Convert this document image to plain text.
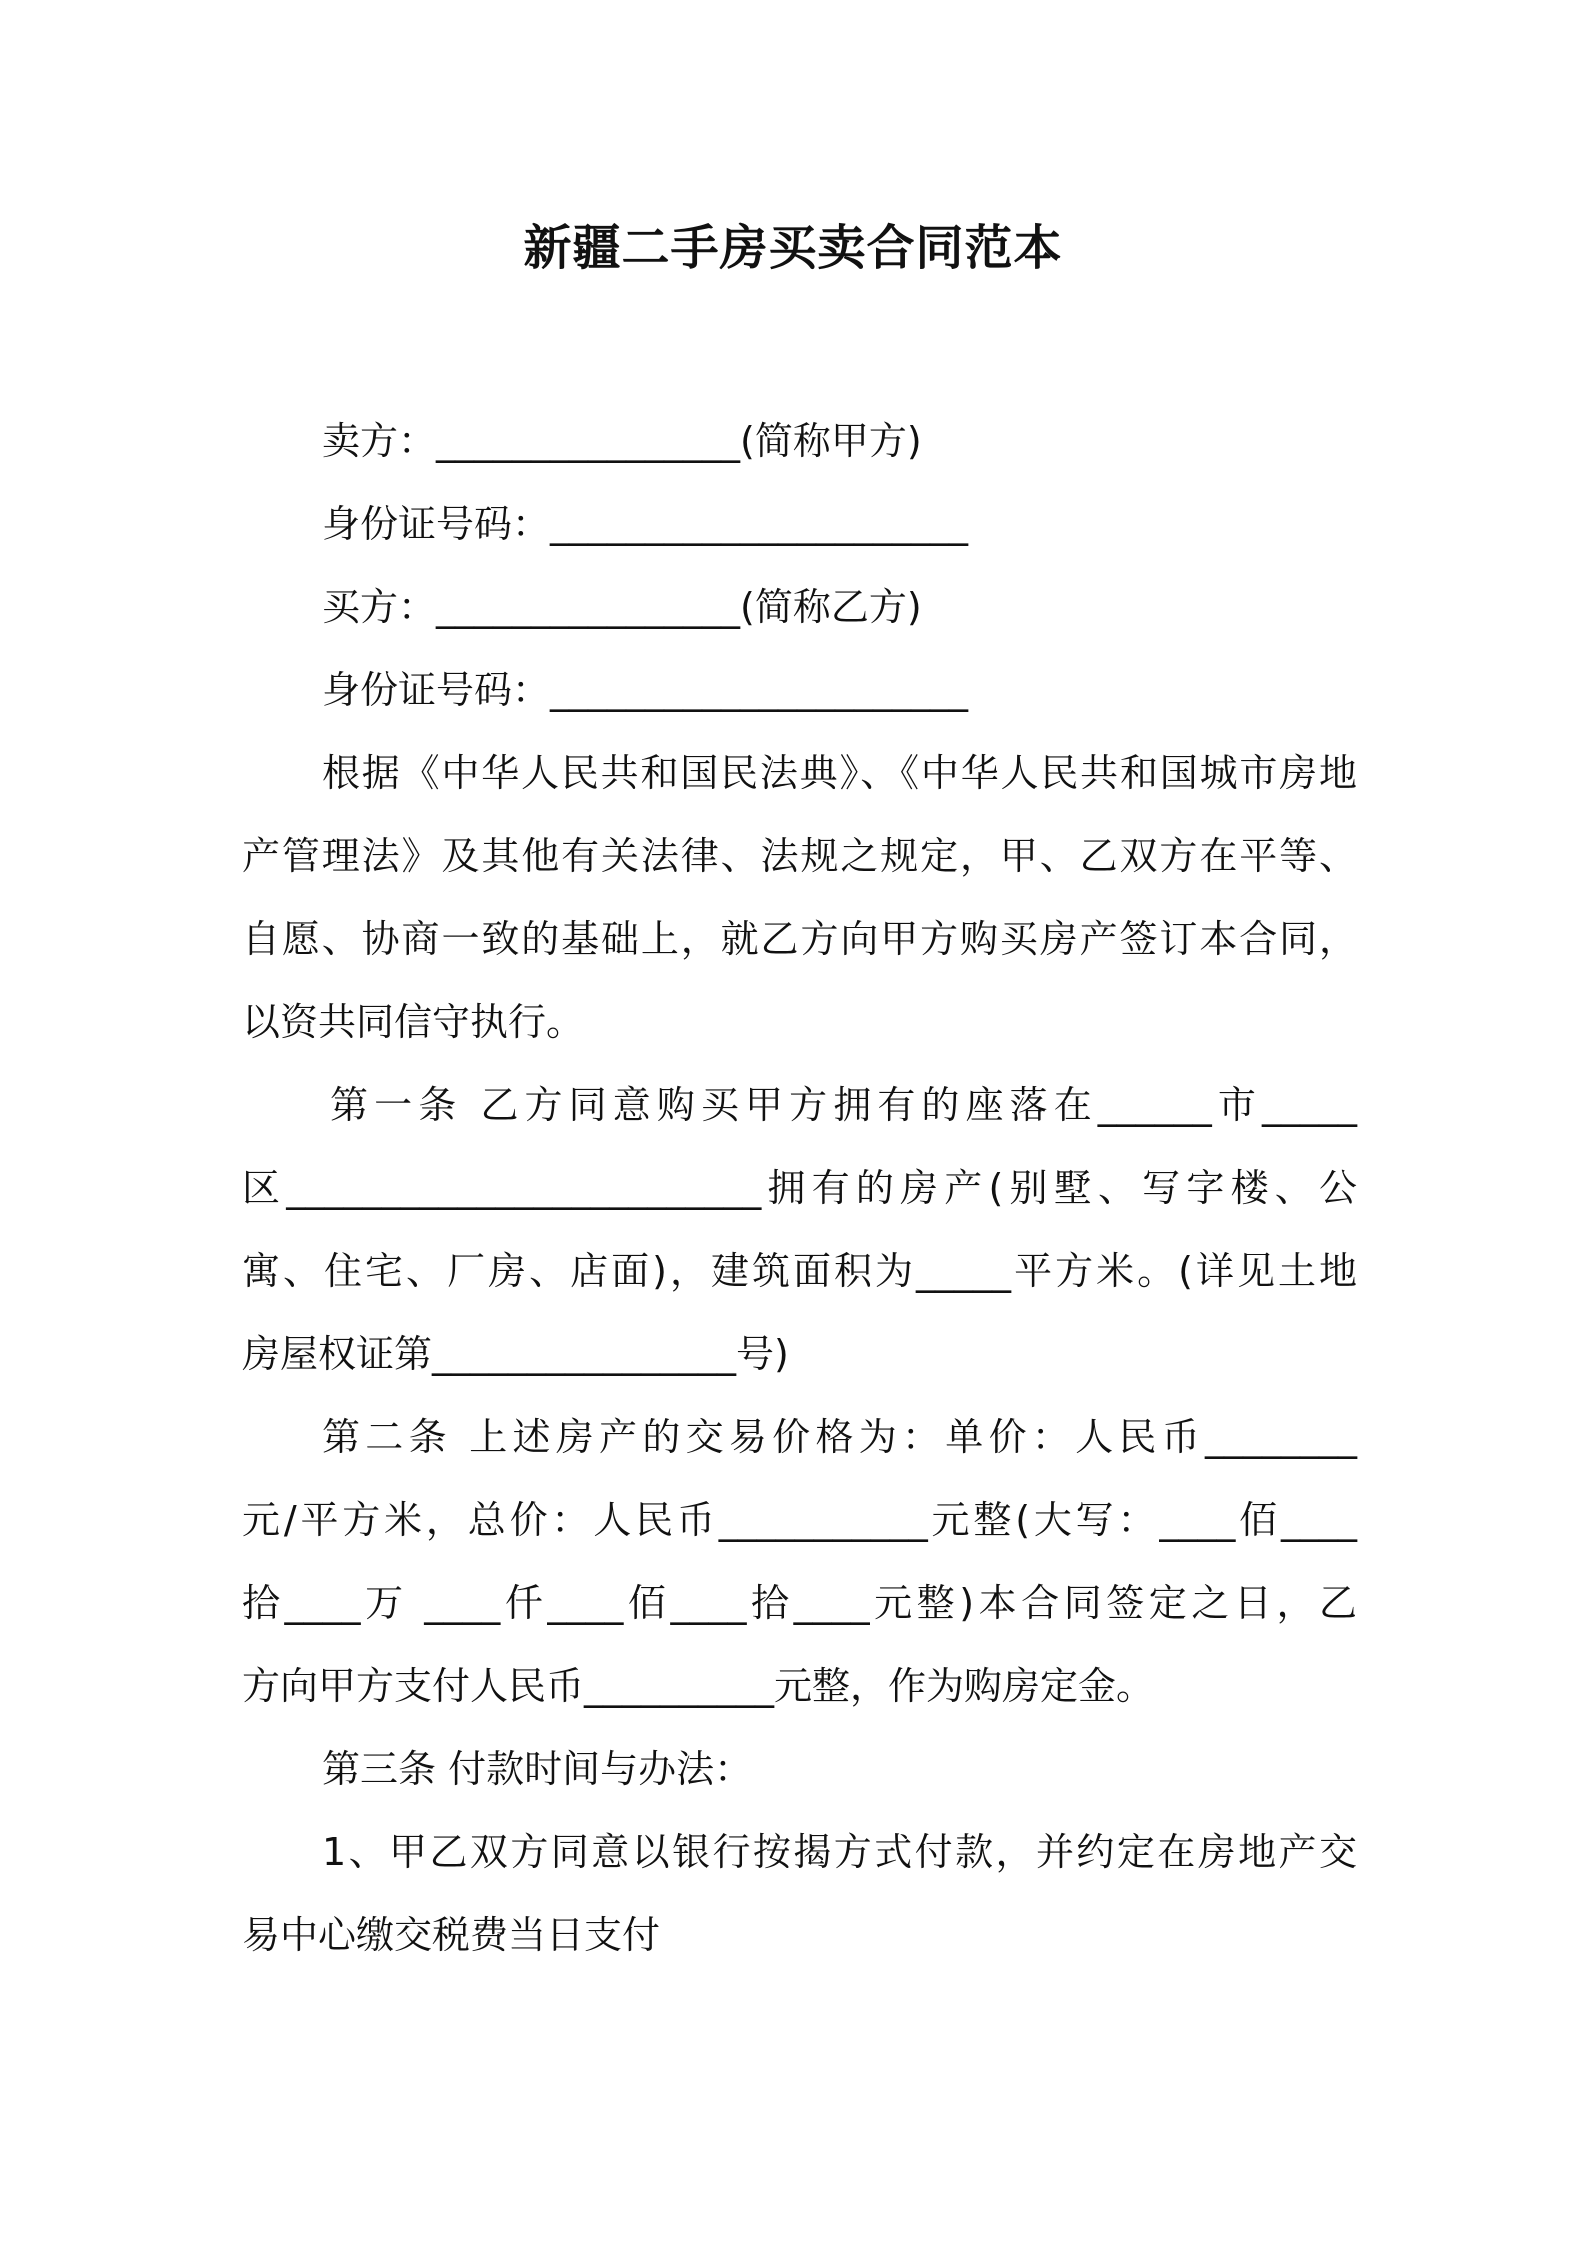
新疆二手房买卖合同范本
卖方：________________(简称甲方)
身份证号码：______________________
买方：________________(简称乙方)
身份证号码：______________________
根据《中华人民共和国民法典》、《中华人民共和国城市房地
产管理法》及其他有关法律、法规之规定，甲、乙双方在平等、
自愿、协商一致的基础上，就乙方向甲方购买房产签订本合同，
以资共同信守执行。
第一条 乙方同意购买甲方拥有的座落在______市_____
区_________________________拥有的房产(别墅、写字楼、公
寓、住宅、厂房、店面)，建筑面积为_____平方米。(详见土地
房屋权证第________________号)
第二条 上述房产的交易价格为：单价：人民币________
元/平方米，总价：人民币___________元整(大写：____佰____
拾____万 ____仟____佰____拾____元整)本合同签定之日，乙
方向甲方支付人民币__________元整，作为购房定金。
第三条 付款时间与办法：
1、甲乙双方同意以银行按揭方式付款，并约定在房地产交
易中心缴交税费当日支付
